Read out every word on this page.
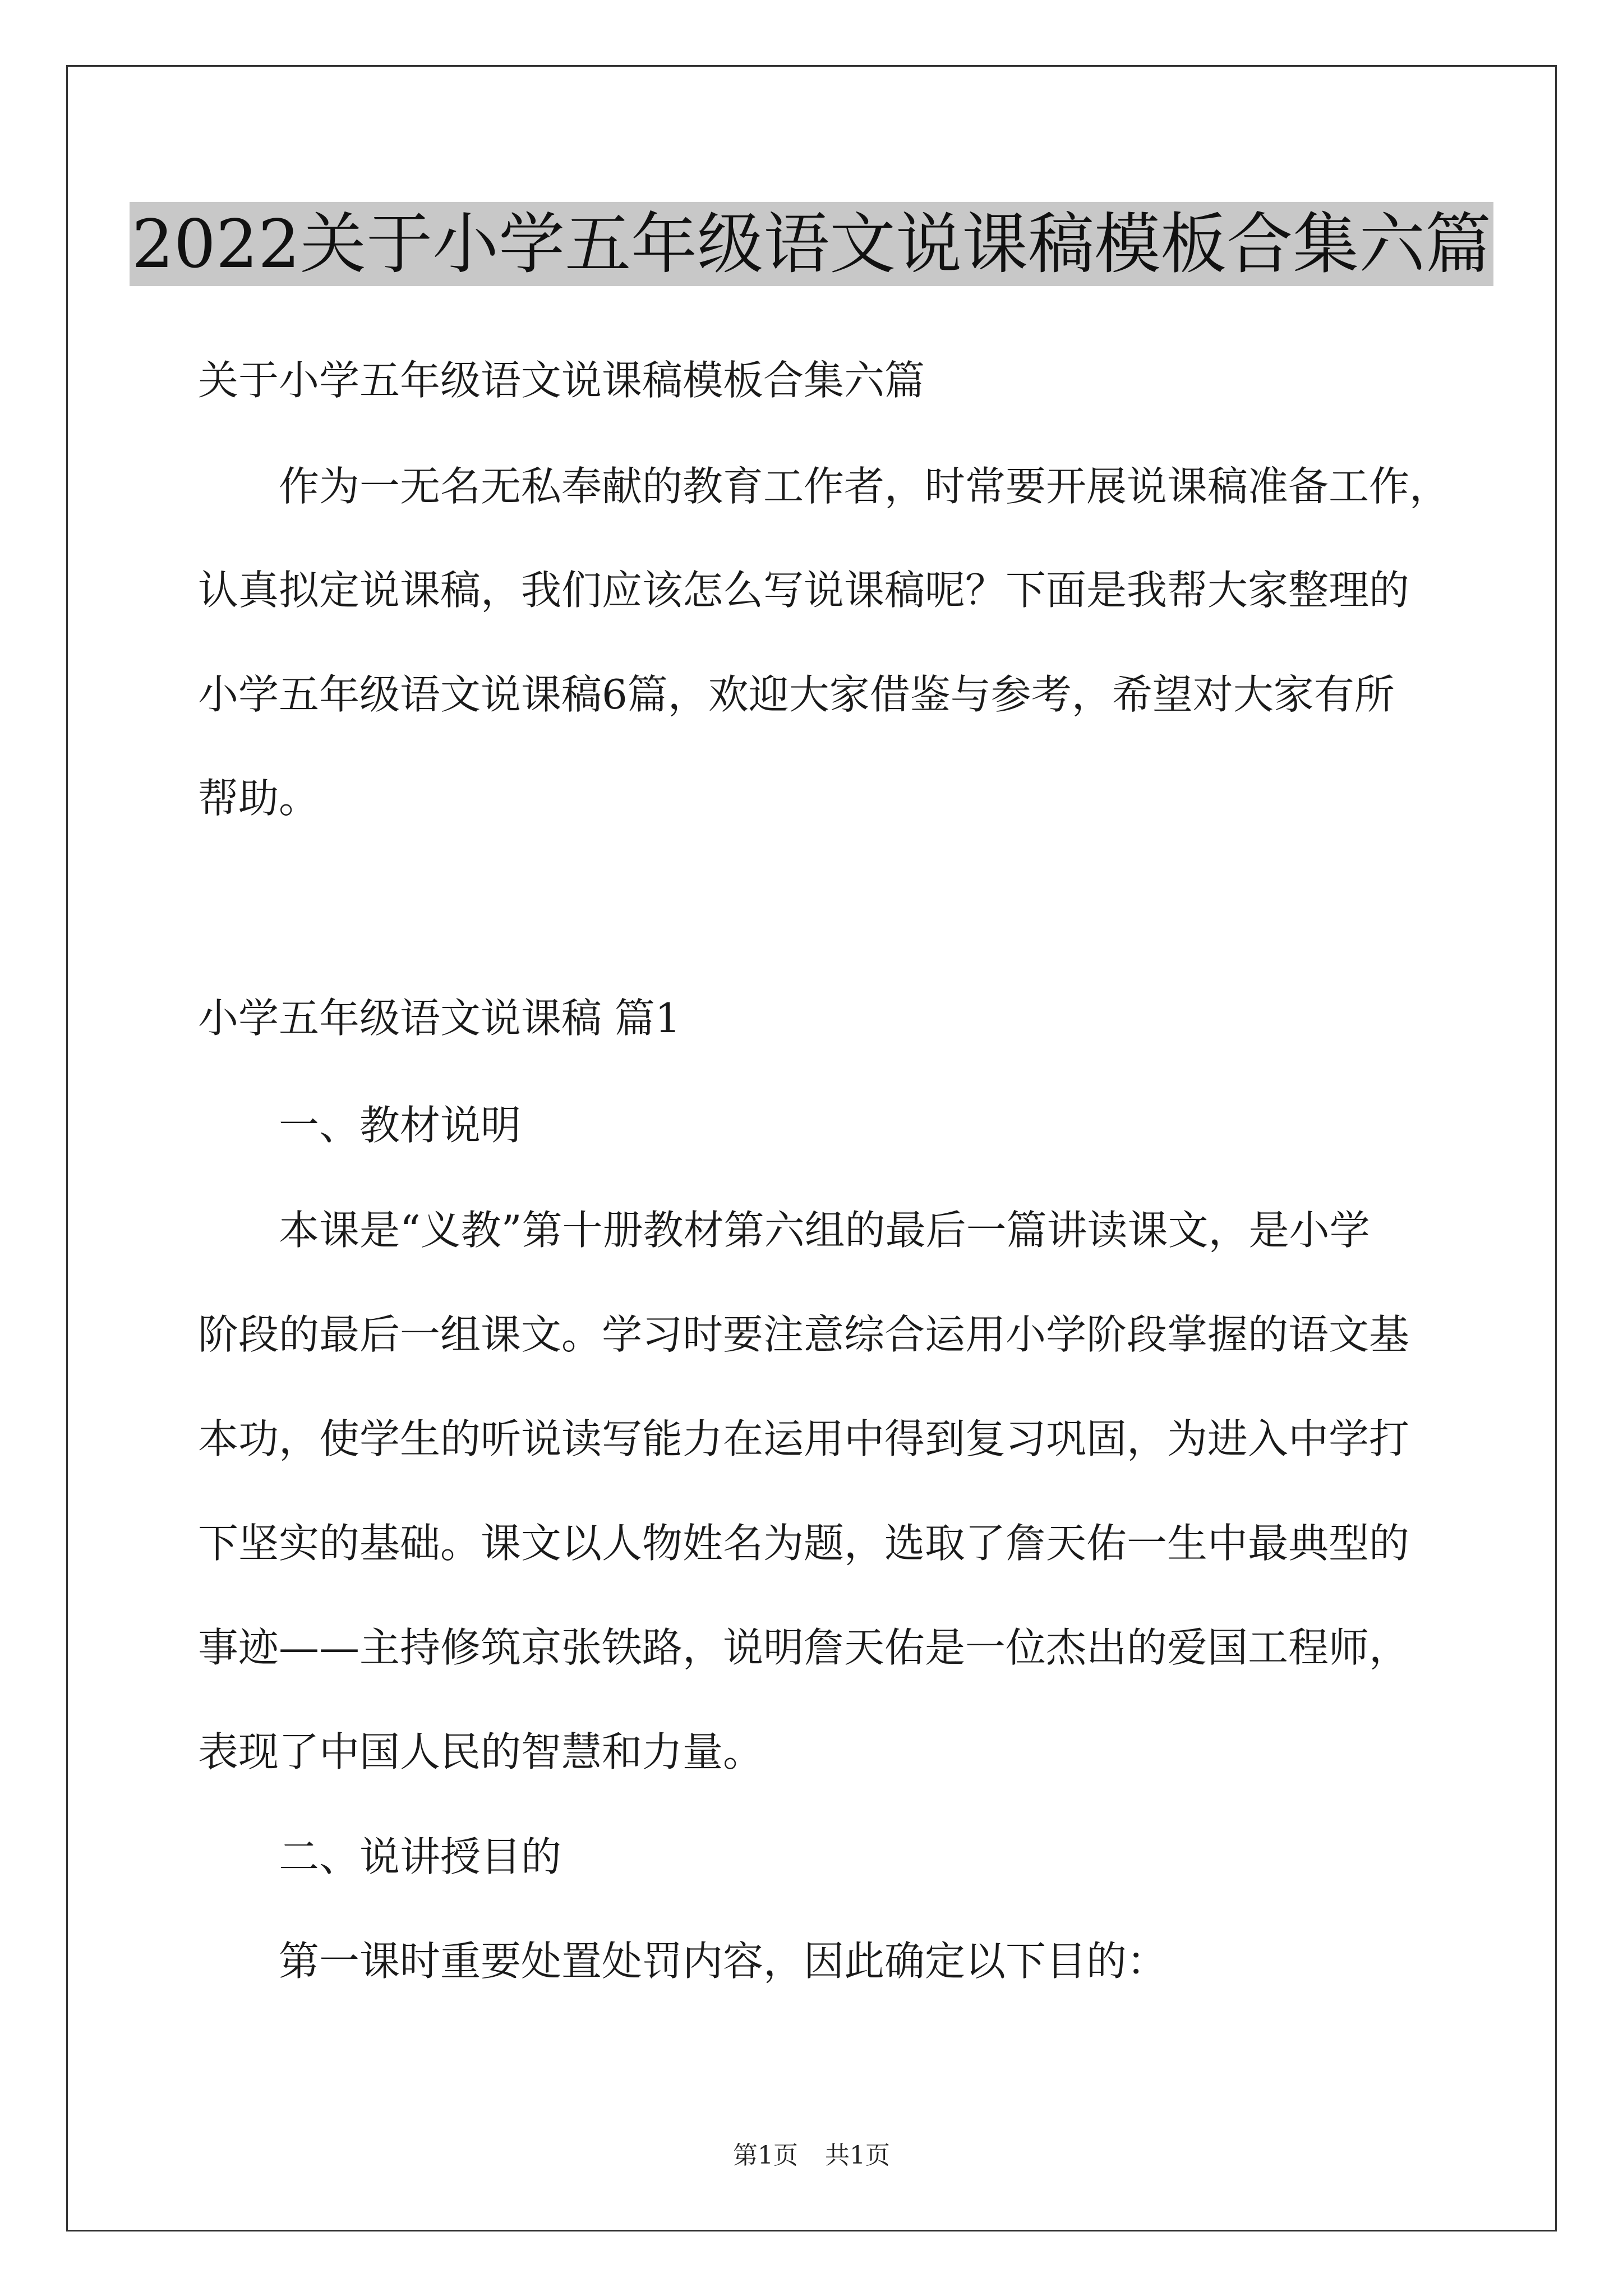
2022关于小学五年级语文说课稿模板合集六篇

关于小学五年级语文说课稿模板合集六篇

作为一无名无私奉献的教育工作者，时常要开展说课稿准备工作，

认真拟定说课稿，我们应该怎么写说课稿呢？下面是我帮大家整理的

小学五年级语文说课稿6篇，欢迎大家借鉴与参考，希望对大家有所

帮助。

小学五年级语文说课稿 篇1

一、教材说明

本课是“义教”第十册教材第六组的最后一篇讲读课文，是小学

阶段的最后一组课文。学习时要注意综合运用小学阶段掌握的语文基

本功，使学生的听说读写能力在运用中得到复习巩固，为进入中学打

下坚实的基础。课文以人物姓名为题，选取了詹天佑一生中最典型的

事迹——主持修筑京张铁路，说明詹天佑是一位杰出的爱国工程师，

表现了中国人民的智慧和力量。

二、说讲授目的

第一课时重要处置处罚内容，因此确定以下目的：

第1页 共1页
